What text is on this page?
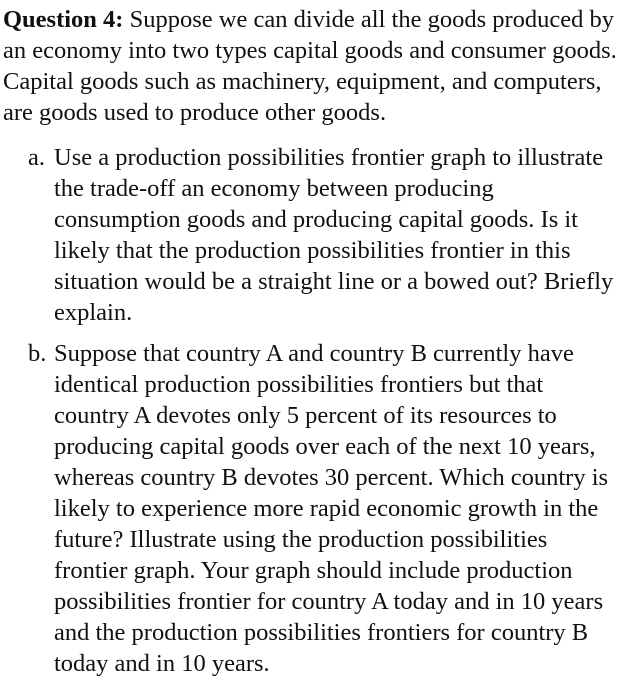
Question 4: Suppose we can divide all the goods produced by an economy into two types capital goods and consumer goods. Capital goods such as machinery, equipment, and computers, are goods used to produce other goods.

a. Use a production possibilities frontier graph to illustrate the trade-off an economy between producing consumption goods and producing capital goods. Is it likely that the production possibilities frontier in this situation would be a straight line or a bowed out? Briefly explain.
b. Suppose that country A and country B currently have identical production possibilities frontiers but that country A devotes only 5 percent of its resources to producing capital goods over each of the next 10 years, whereas country B devotes 30 percent. Which country is likely to experience more rapid economic growth in the future? Illustrate using the production possibilities frontier graph. Your graph should include production possibilities frontier for country A today and in 10 years and the production possibilities frontiers for country B today and in 10 years.
